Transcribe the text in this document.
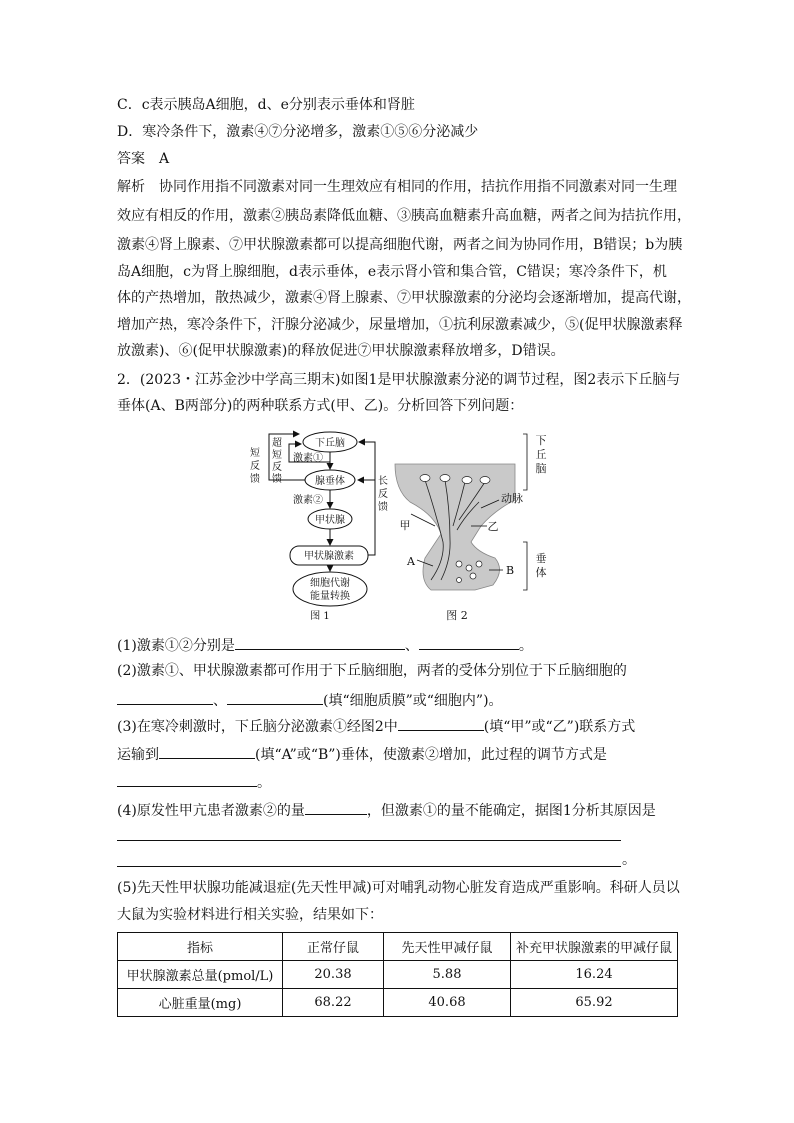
C．c表示胰岛A细胞，d、e分别表示垂体和肾脏
D．寒冷条件下，激素④⑦分泌增多，激素①⑤⑥分泌减少
答案　A
解析　协同作用指不同激素对同一生理效应有相同的作用，拮抗作用指不同激素对同一生理
效应有相反的作用，激素②胰岛素降低血糖、③胰高血糖素升高血糖，两者之间为拮抗作用，
激素④肾上腺素、⑦甲状腺激素都可以提高细胞代谢，两者之间为协同作用，B错误；b为胰
岛A细胞，c为肾上腺细胞，d表示垂体，e表示肾小管和集合管，C错误；寒冷条件下，机
体的产热增加，散热减少，激素④肾上腺素、⑦甲状腺激素的分泌均会逐渐增加，提高代谢，
增加产热，寒冷条件下，汗腺分泌减少，尿量增加，①抗利尿激素减少，⑤(促甲状腺激素释
放激素)、⑥(促甲状腺激素)的释放促进⑦甲状腺激素释放增多，D错误。
2．(2023・江苏金沙中学高三期末)如图1是甲状腺激素分泌的调节过程，图2表示下丘脑与
垂体(A、B两部分)的两种联系方式(甲、乙)。分析回答下列问题：
下丘脑
腺垂体
甲状腺
甲状腺激素
细胞代谢
能量转换
激素①
激素②
短
反
馈
超
短
反
馈	长
反
馈
图 1
下
丘
脑
垂
体
动脉
甲	乙
A
B
图 2
(1)激素①②分别是	、	。
(2)激素①、甲状腺激素都可作用于下丘脑细胞，两者的受体分别位于下丘脑细胞的
、	(填“细胞质膜”或“细胞内”)。
(3)在寒冷刺激时，下丘脑分泌激素①经图2中	(填“甲”或“乙”)联系方式
运输到	(填“A”或“B”)垂体，使激素②增加，此过程的调节方式是
。
(4)原发性甲亢患者激素②的量	，但激素①的量不能确定，据图1分析其原因是
。
(5)先天性甲状腺功能减退症(先天性甲减)可对哺乳动物心脏发育造成严重影响。科研人员以
大鼠为实验材料进行相关实验，结果如下：
指标	正常仔鼠	先天性甲减仔鼠	补充甲状腺激素的甲减仔鼠
甲状腺激素总量(pmol/L)	20.38	5.88	16.24
心脏重量(mg)	68.22	40.68	65.92
